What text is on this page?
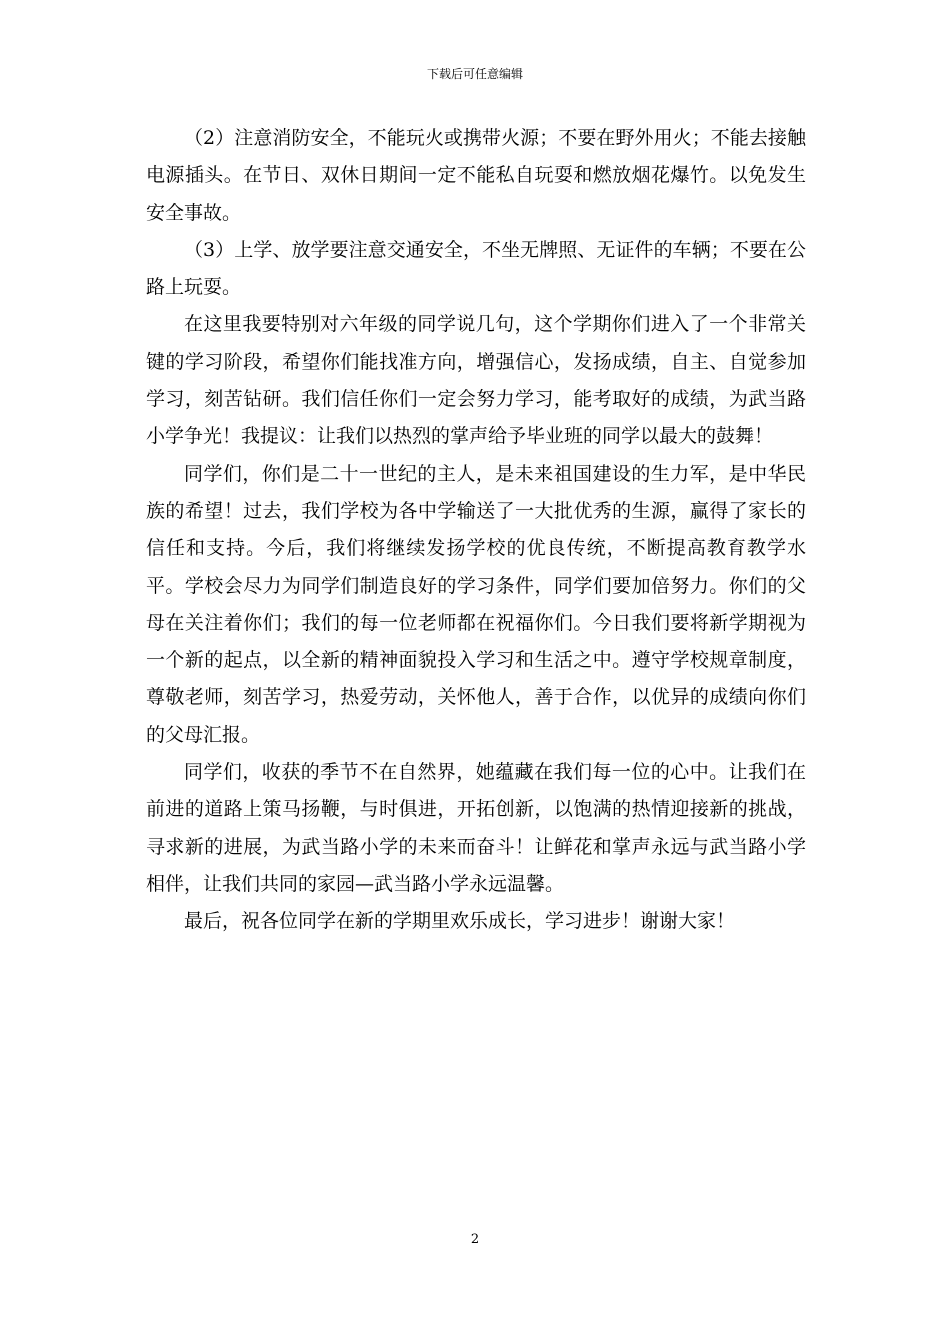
下载后可任意编辑

（2）注意消防安全，不能玩火或携带火源；不要在野外用火；不能去接触电源插头。在节日、双休日期间一定不能私自玩耍和燃放烟花爆竹。以免发生安全事故。

（3）上学、放学要注意交通安全，不坐无牌照、无证件的车辆；不要在公路上玩耍。

在这里我要特别对六年级的同学说几句，这个学期你们进入了一个非常关键的学习阶段，希望你们能找准方向，增强信心，发扬成绩，自主、自觉参加学习，刻苦钻研。我们信任你们一定会努力学习，能考取好的成绩，为武当路小学争光！我提议：让我们以热烈的掌声给予毕业班的同学以最大的鼓舞！

同学们，你们是二十一世纪的主人，是未来祖国建设的生力军，是中华民族的希望！过去，我们学校为各中学输送了一大批优秀的生源，赢得了家长的信任和支持。今后，我们将继续发扬学校的优良传统，不断提高教育教学水平。学校会尽力为同学们制造良好的学习条件，同学们要加倍努力。你们的父母在关注着你们；我们的每一位老师都在祝福你们。今日我们要将新学期视为一个新的起点，以全新的精神面貌投入学习和生活之中。遵守学校规章制度，尊敬老师，刻苦学习，热爱劳动，关怀他人，善于合作，以优异的成绩向你们的父母汇报。

同学们，收获的季节不在自然界，她蕴藏在我们每一位的心中。让我们在前进的道路上策马扬鞭，与时俱进，开拓创新，以饱满的热情迎接新的挑战，寻求新的进展，为武当路小学的未来而奋斗！让鲜花和掌声永远与武当路小学相伴，让我们共同的家园—武当路小学永远温馨。

最后，祝各位同学在新的学期里欢乐成长，学习进步！谢谢大家！

2
